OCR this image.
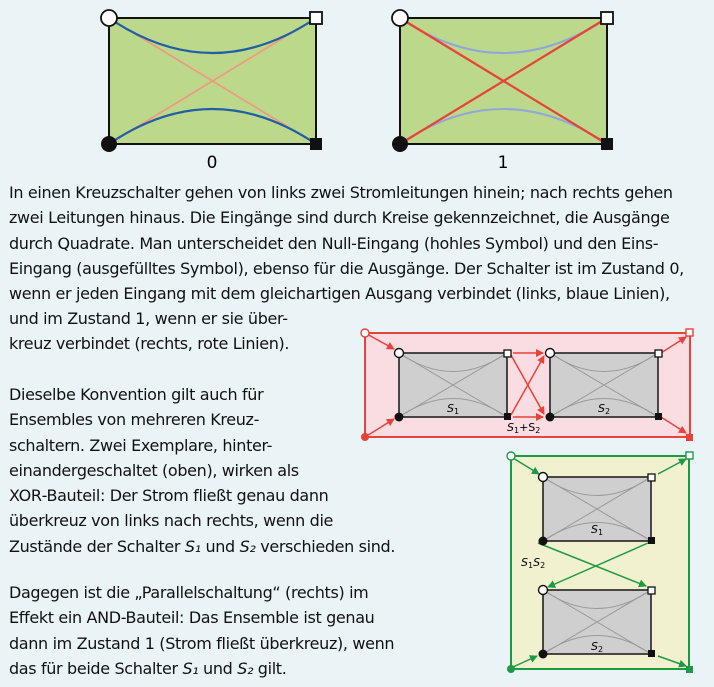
0	1
S1	S2
S1+S2
S1
S2
S1S2

In einen Kreuzschalter gehen von links zwei Stromleitungen hinein; nach rechts gehen
zwei Leitungen hinaus. Die Eingänge sind durch Kreise gekennzeichnet, die Ausgänge
durch Quadrate. Man unterscheidet den Null-Eingang (hohles Symbol) und den Eins-
Eingang (ausgefülltes Symbol), ebenso für die Ausgänge. Der Schalter ist im Zustand 0,
wenn er jeden Eingang mit dem gleichartigen Ausgang verbindet (links, blaue Linien),

und im Zustand 1, wenn er sie über-
kreuz verbindet (rechts, rote Linien).

Dieselbe Konvention gilt auch für
Ensembles von mehreren Kreuz-
schaltern. Zwei Exemplare, hinter-
einandergeschaltet (oben), wirken als
XOR-Bauteil: Der Strom fließt genau dann
überkreuz von links nach rechts, wenn die
Zustände der Schalter S₁ und S₂ verschieden sind.

Dagegen ist die „Parallelschaltung“ (rechts) im
Effekt ein AND-Bauteil: Das Ensemble ist genau
dann im Zustand 1 (Strom fließt überkreuz), wenn
das für beide Schalter S₁ und S₂ gilt.
